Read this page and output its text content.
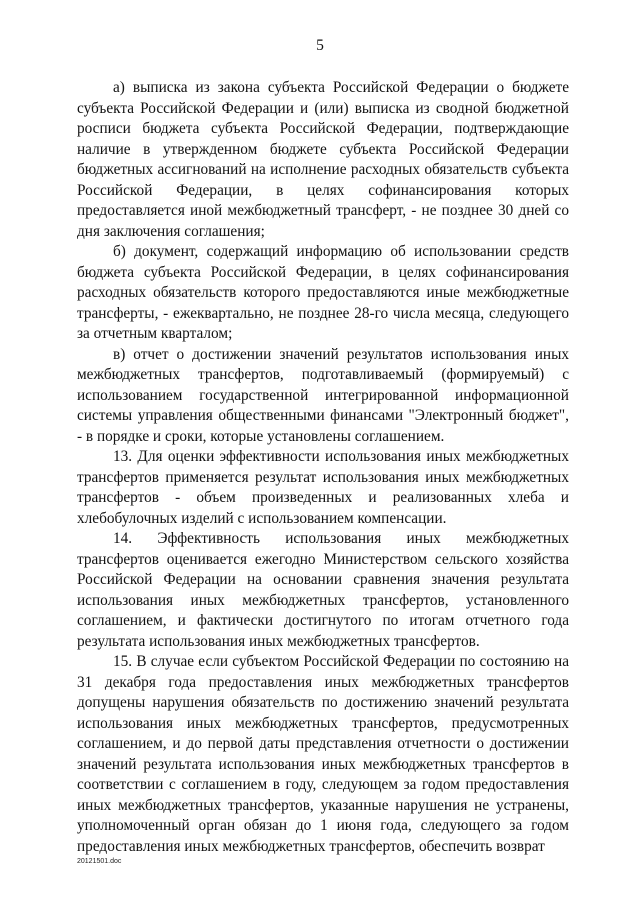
5

а) выписка из закона субъекта Российской Федерации о бюджете субъекта Российской Федерации и (или) выписка из сводной бюджетной росписи бюджета субъекта Российской Федерации, подтверждающие наличие в утвержденном бюджете субъекта Российской Федерации бюджетных ассигнований на исполнение расходных обязательств субъекта Российской Федерации, в целях софинансирования которых предоставляется иной межбюджетный трансферт, - не позднее 30 дней со дня заключения соглашения;

б) документ, содержащий информацию об использовании средств бюджета субъекта Российской Федерации, в целях софинансирования расходных обязательств которого предоставляются иные межбюджетные трансферты, - ежеквартально, не позднее 28-го числа месяца, следующего за отчетным кварталом;

в) отчет о достижении значений результатов использования иных межбюджетных трансфертов, подготавливаемый (формируемый) с использованием государственной интегрированной информационной системы управления общественными финансами "Электронный бюджет", - в порядке и сроки, которые установлены соглашением.

13. Для оценки эффективности использования иных межбюджетных трансфертов применяется результат использования иных межбюджетных трансфертов - объем произведенных и реализованных хлеба и хлебобулочных изделий с использованием компенсации.

14. Эффективность использования иных межбюджетных трансфертов оценивается ежегодно Министерством сельского хозяйства Российской Федерации на основании сравнения значения результата использования иных межбюджетных трансфертов, установленного соглашением, и фактически достигнутого по итогам отчетного года результата использования иных межбюджетных трансфертов.

15. В случае если субъектом Российской Федерации по состоянию на 31 декабря года предоставления иных межбюджетных трансфертов допущены нарушения обязательств по достижению значений результата использования иных межбюджетных трансфертов, предусмотренных соглашением, и до первой даты представления отчетности о достижении значений результата использования иных межбюджетных трансфертов в соответствии с соглашением в году, следующем за годом предоставления иных межбюджетных трансфертов, указанные нарушения не устранены, уполномоченный орган обязан до 1 июня года, следующего за годом предоставления иных межбюджетных трансфертов, обеспечить возврат

20121501.doc
